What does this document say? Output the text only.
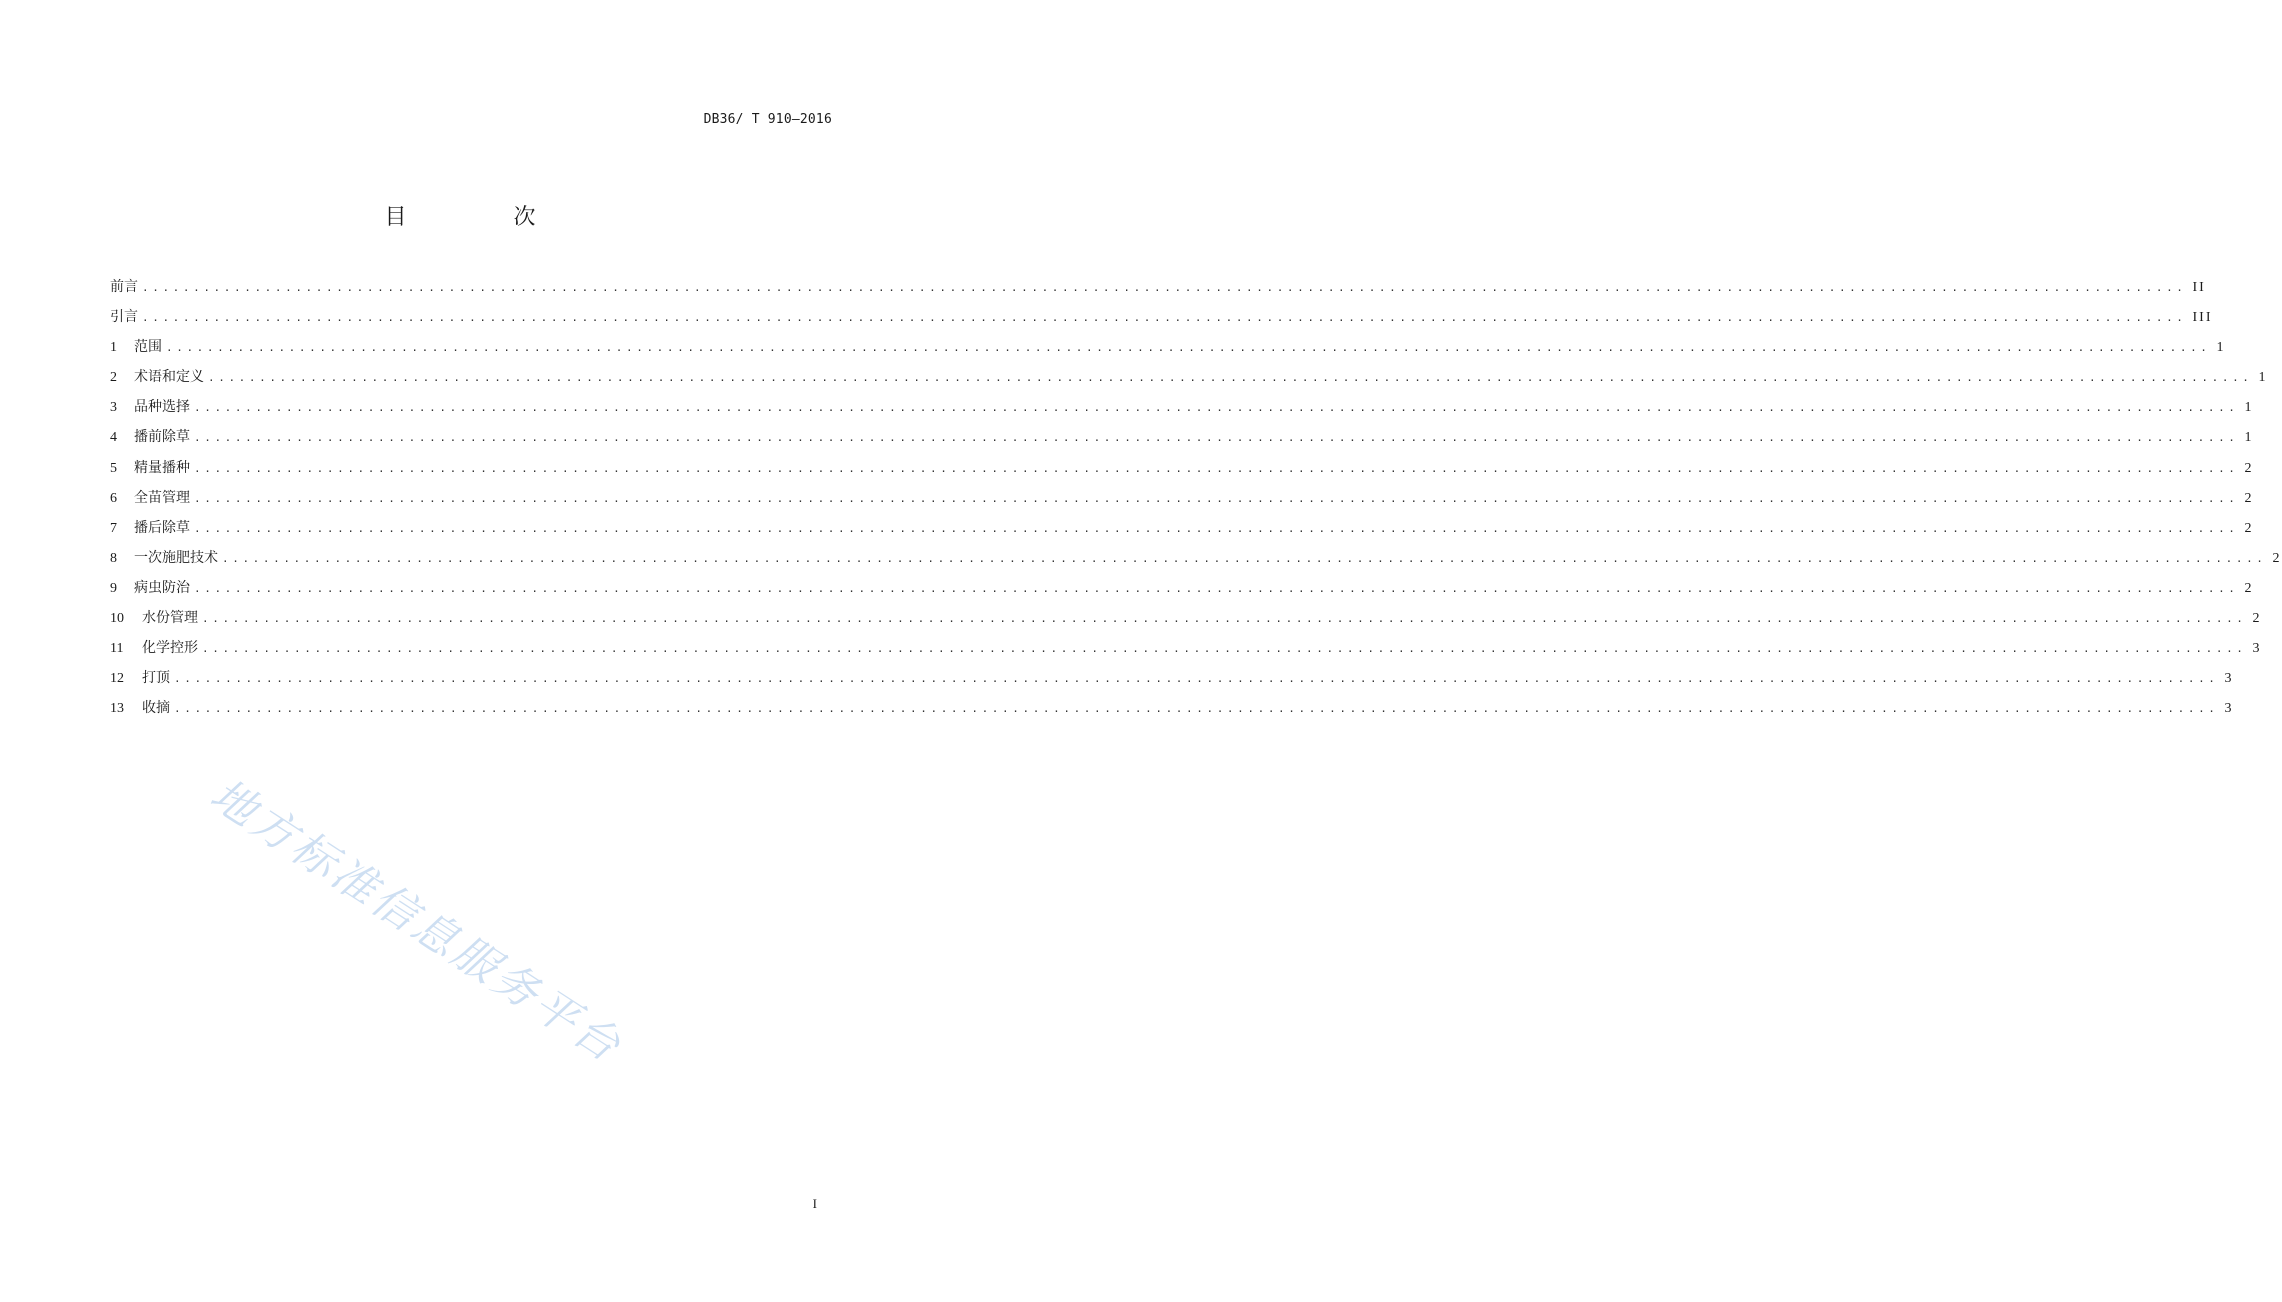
DB36/ T 910—2016
目 次
前言 ........................................................................................................................................................................................................ II
引言 ........................................................................................................................................................................................................ III
1 范围 ........................................................................................................................................................................................................ 1
2 术语和定义 ........................................................................................................................................................................................................ 1
3 品种选择 ........................................................................................................................................................................................................ 1
4 播前除草 ........................................................................................................................................................................................................ 1
5 精量播种 ........................................................................................................................................................................................................ 2
6 全苗管理 ........................................................................................................................................................................................................ 2
7 播后除草 ........................................................................................................................................................................................................ 2
8 一次施肥技术 ........................................................................................................................................................................................................ 2
9 病虫防治 ........................................................................................................................................................................................................ 2
10 水份管理 ........................................................................................................................................................................................................ 2
11 化学控形 ........................................................................................................................................................................................................ 3
12 打顶 ........................................................................................................................................................................................................ 3
13 收摘 ........................................................................................................................................................................................................ 3
地方标准信息服务平台
I
